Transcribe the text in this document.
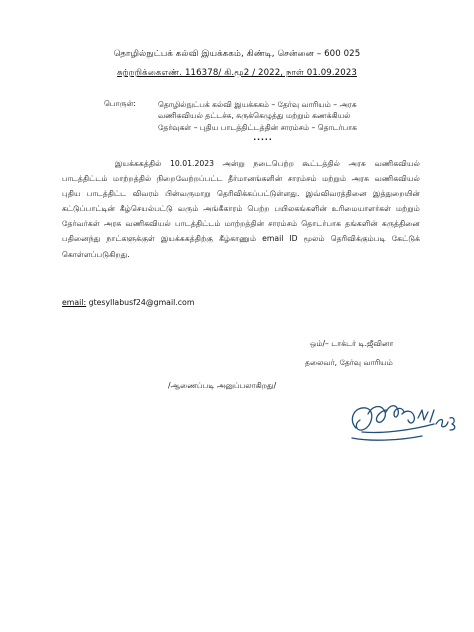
தொழில்நுட்பக் கல்வி இயக்ககம், கிண்டி, சென்னை – 600 025
சுற்றறிக்கைஎண். 116378/ கி.மூ2 / 2022, நாள் 01.09.2023
பொருள்:	தொழில்நுட்பக் கல்வி இயக்ககம் – தேர்வு வாரியம் – அரசு வணிகவியல் தட்டச்சு, சுருக்கெழுத்து மற்றும் கணக்கியல் தேர்வுகள் – புதிய பாடத்திட்டத்தின் சாரம்சம் – தொடர்பாக
.....

இயக்ககத்தில் 10.01.2023 அன்று நடைபெற்ற கூட்டத்தில் அரசு வணிகவியல் பாடத்திட்டம் மாற்றத்தில் நிறைவேற்றப்பட்ட தீர்மானங்களின் சாரம்சம் மற்றும் அரசு வணிகவியல் புதிய பாடத்திட்ட விவரம் பின்வருமாறு தெரிவிக்கப்பட்டுள்ளது. இவ்விவரத்தினை இத்துறையின் கட்டுப்பாட்டின் கீழ்செயல்பட்டு வரும் அங்கீகாரம் பெற்ற பயிலகங்களின் உரிமையாளர்கள் மற்றும் தேர்வர்கள் அரசு வணிகவியல் பாடத்திட்டம் மாற்றத்தின் சாரம்சம் தொடர்பாக தங்களின் கருத்தினை பதினைந்து நாட்களுக்குள் இயக்ககத்திற்கு கீழ்காணும் email ID மூலம் தெரிவிக்கும்படி கேட்டுக் கொள்ளப்படுகிறது.

email: gtesyllabusf24@gmail.com
ஒம்/– டாக்டர் டி.ஜீவினா
தலைவர், தேர்வு வாரியம்
/ஆணைப்படி அனுப்பலாகிறது/
